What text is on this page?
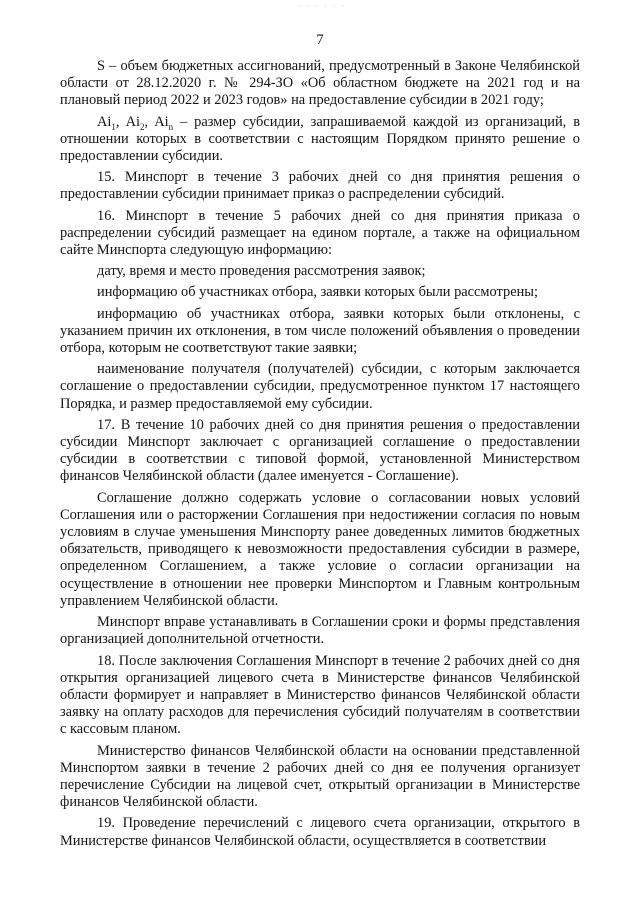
· · · · · ·
7

S – объем бюджетных ассигнований, предусмотренный в Законе Челябинской области от 28.12.2020 г. № 294-ЗО «Об областном бюджете на 2021 год и на плановый период 2022 и 2023 годов» на предоставление субсидии в 2021 году;

$Ai_1$, $Ai_2$, $Ai_n$ – размер субсидии, запрашиваемой каждой из организаций, в отношении которых в соответствии с настоящим Порядком принято решение о предоставлении субсидии.

15. Минспорт в течение 3 рабочих дней со дня принятия решения о предоставлении субсидии принимает приказ о распределении субсидий.

16. Минспорт в течение 5 рабочих дней со дня принятия приказа о распределении субсидий размещает на едином портале, а также на официальном сайте Минспорта следующую информацию:

дату, время и место проведения рассмотрения заявок;

информацию об участниках отбора, заявки которых были рассмотрены;

информацию об участниках отбора, заявки которых были отклонены, с указанием причин их отклонения, в том числе положений объявления о проведении отбора, которым не соответствуют такие заявки;

наименование получателя (получателей) субсидии, с которым заключается соглашение о предоставлении субсидии, предусмотренное пунктом 17 настоящего Порядка, и размер предоставляемой ему субсидии.

17. В течение 10 рабочих дней со дня принятия решения о предоставлении субсидии Минспорт заключает с организацией соглашение о предоставлении субсидии в соответствии с типовой формой, установленной Министерством финансов Челябинской области (далее именуется - Соглашение).

Соглашение должно содержать условие о согласовании новых условий Соглашения или о расторжении Соглашения при недостижении согласия по новым условиям в случае уменьшения Минспорту ранее доведенных лимитов бюджетных обязательств, приводящего к невозможности предоставления субсидии в размере, определенном Соглашением, а также условие о согласии организации на осуществление в отношении нее проверки Минспортом и Главным контрольным управлением Челябинской области.

Минспорт вправе устанавливать в Соглашении сроки и формы представления организацией дополнительной отчетности.

18. После заключения Соглашения Минспорт в течение 2 рабочих дней со дня открытия организацией лицевого счета в Министерстве финансов Челябинской области формирует и направляет в Министерство финансов Челябинской области заявку на оплату расходов для перечисления субсидий получателям в соответствии с кассовым планом.

Министерство финансов Челябинской области на основании представленной Минспортом заявки в течение 2 рабочих дней со дня ее получения организует перечисление Субсидии на лицевой счет, открытый организации в Министерстве финансов Челябинской области.

19. Проведение перечислений с лицевого счета организации, открытого в Министерстве финансов Челябинской области, осуществляется в соответствии
